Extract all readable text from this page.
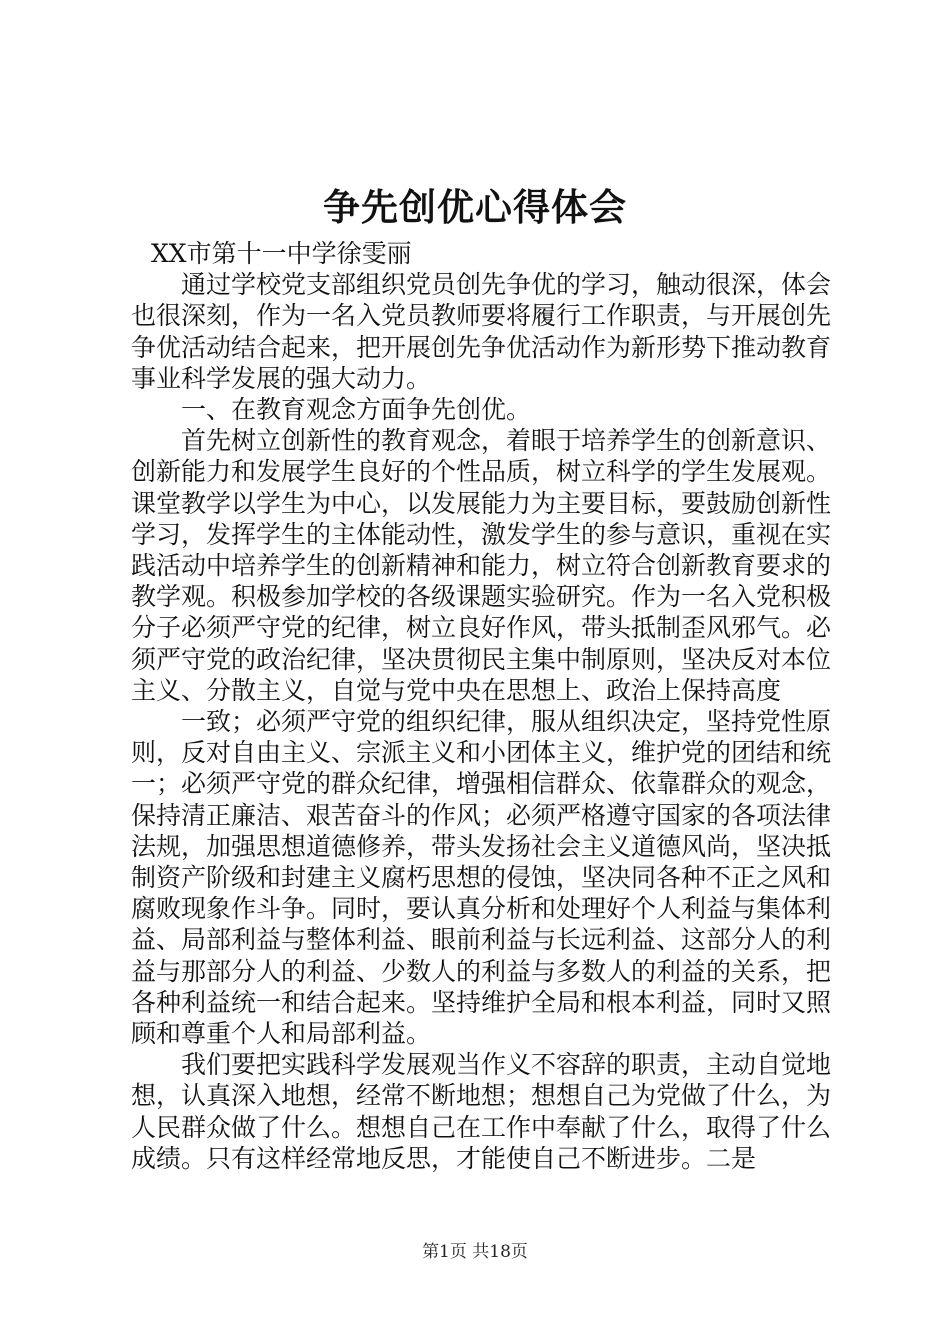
争先创优心得体会

XX市第十一中学徐雯丽

通过学校党支部组织党员创先争优的学习，触动很深，体会也很深刻，作为一名入党员教师要将履行工作职责，与开展创先争优活动结合起来，把开展创先争优活动作为新形势下推动教育事业科学发展的强大动力。

一、在教育观念方面争先创优。

首先树立创新性的教育观念，着眼于培养学生的创新意识、创新能力和发展学生良好的个性品质，树立科学的学生发展观。课堂教学以学生为中心，以发展能力为主要目标，要鼓励创新性学习，发挥学生的主体能动性，激发学生的参与意识，重视在实践活动中培养学生的创新精神和能力，树立符合创新教育要求的教学观。积极参加学校的各级课题实验研究。作为一名入党积极分子必须严守党的纪律，树立良好作风，带头抵制歪风邪气。必须严守党的政治纪律，坚决贯彻民主集中制原则，坚决反对本位主义、分散主义，自觉与党中央在思想上、政治上保持高度

一致；必须严守党的组织纪律，服从组织决定，坚持党性原则，反对自由主义、宗派主义和小团体主义，维护党的团结和统一；必须严守党的群众纪律，增强相信群众、依靠群众的观念，保持清正廉洁、艰苦奋斗的作风；必须严格遵守国家的各项法律法规，加强思想道德修养，带头发扬社会主义道德风尚，坚决抵制资产阶级和封建主义腐朽思想的侵蚀，坚决同各种不正之风和腐败现象作斗争。同时，要认真分析和处理好个人利益与集体利益、局部利益与整体利益、眼前利益与长远利益、这部分人的利益与那部分人的利益、少数人的利益与多数人的利益的关系，把各种利益统一和结合起来。坚持维护全局和根本利益，同时又照顾和尊重个人和局部利益。

我们要把实践科学发展观当作义不容辞的职责，主动自觉地想，认真深入地想，经常不断地想；想想自己为党做了什么，为人民群众做了什么。想想自己在工作中奉献了什么，取得了什么成绩。只有这样经常地反思，才能使自己不断进步。二是

第1页 共18页
